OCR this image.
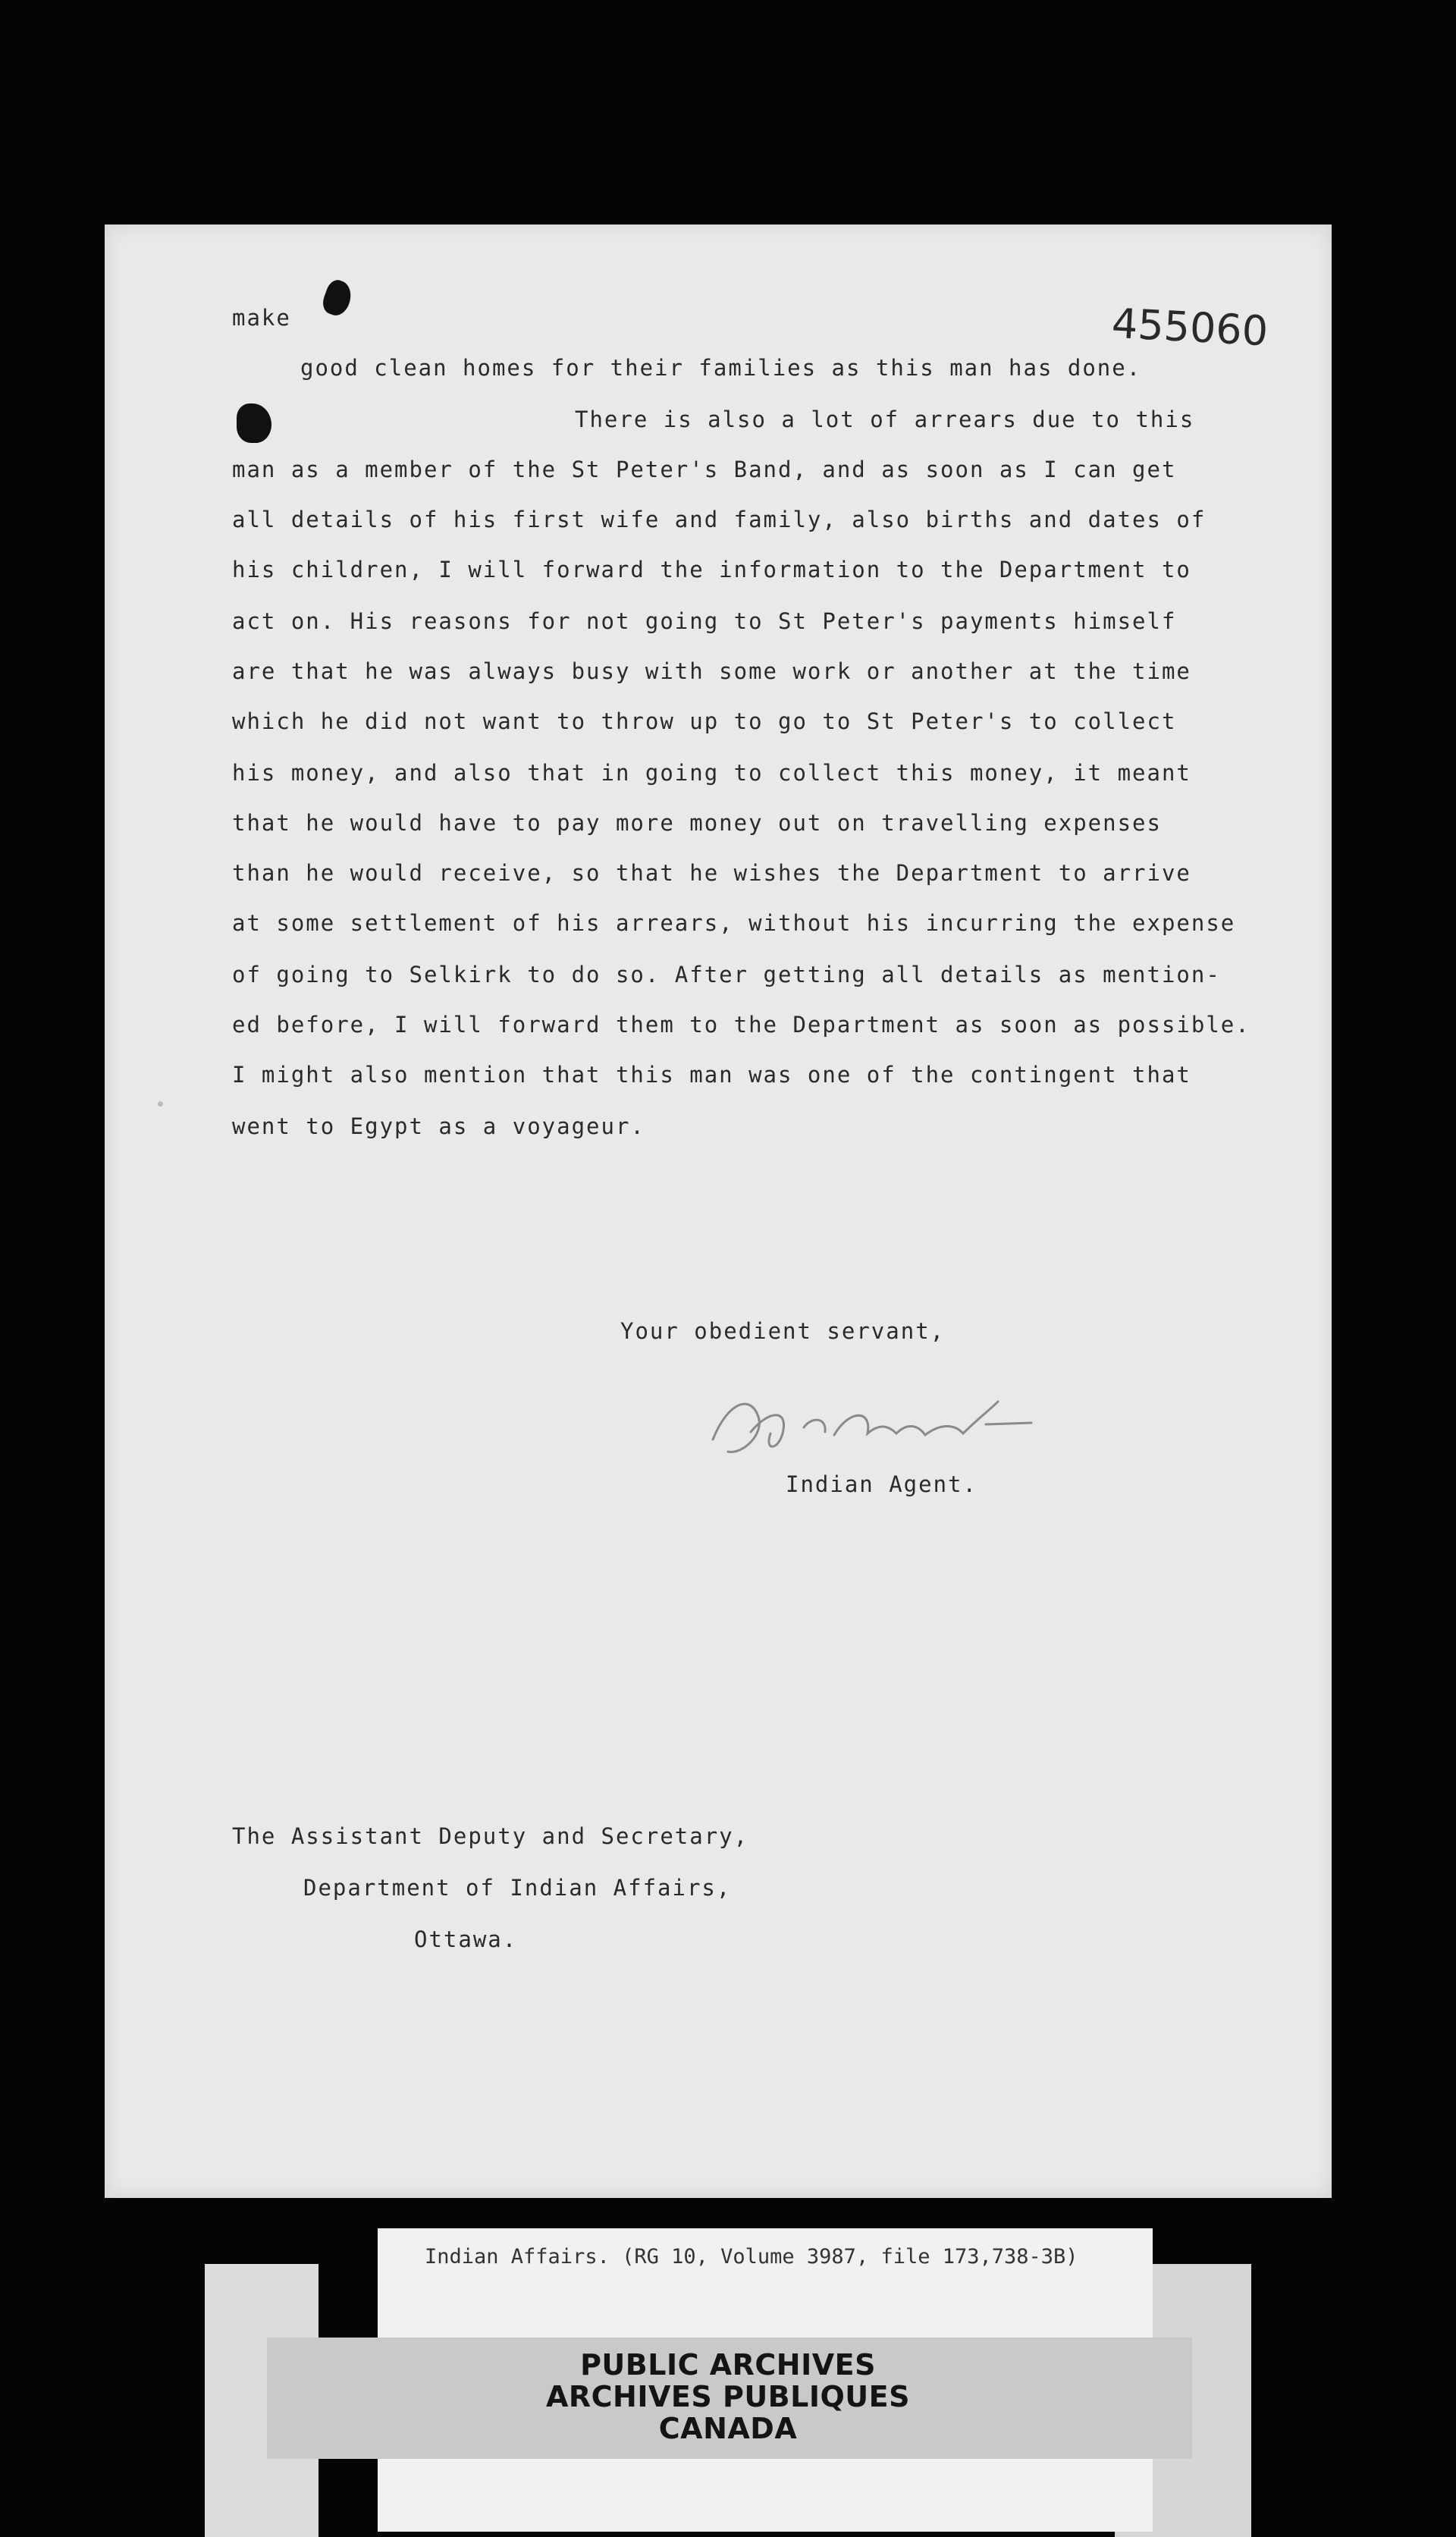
455060
make
good clean homes for their families as this man has done.
There is also a lot of arrears due to this
man as a member of the St Peter's Band, and as soon as I can get
all details of his first wife and family, also births and dates of
his children, I will forward the information to the Department to
act on. His reasons for not going to St Peter's payments himself
are that he was always busy with some work or another at the time
which he did not want to throw up to go to St Peter's to collect
his money, and also that in going to collect this money, it meant
that he would have to pay more money out on travelling expenses
than he would receive, so that he wishes the Department to arrive
at some settlement of his arrears, without his incurring the expense
of going to Selkirk to do so. After getting all details as mention-
ed before, I will forward them to the Department as soon as possible.
I might also mention that this man was one of the contingent that
went to Egypt as a voyageur.
Your obedient servant,
G. Stewart
Indian Agent.
The Assistant Deputy and Secretary,
Department of Indian Affairs,
Ottawa.
Indian Affairs. (RG 10, Volume 3987, file 173,738-3B)
PUBLIC ARCHIVES
ARCHIVES PUBLIQUES
CANADA
